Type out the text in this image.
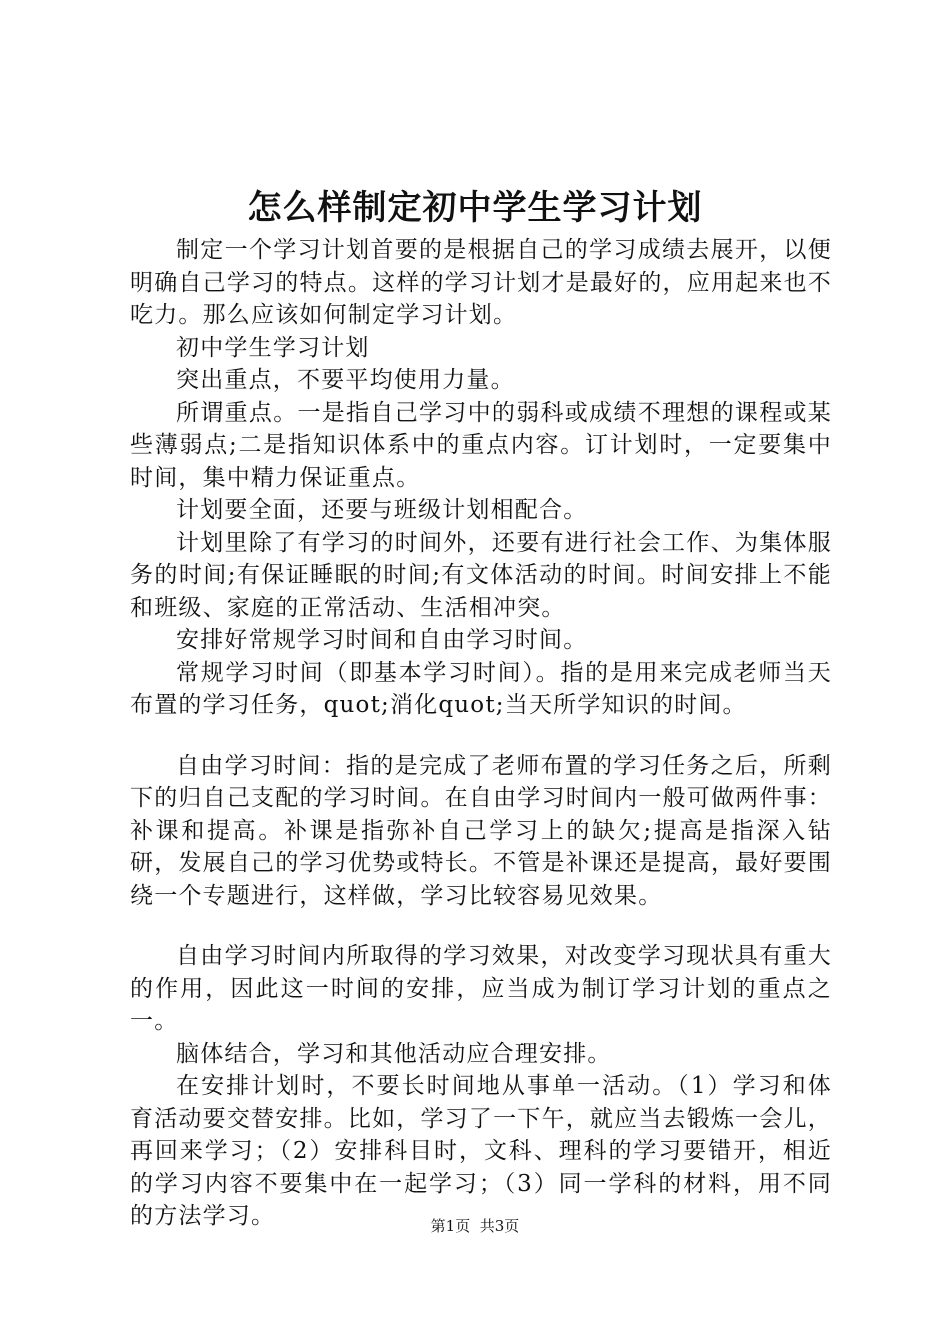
怎么样制定初中学生学习计划

制定一个学习计划首要的是根据自己的学习成绩去展开，以便明确自己学习的特点。这样的学习计划才是最好的，应用起来也不吃力。那么应该如何制定学习计划。

初中学生学习计划

突出重点，不要平均使用力量。

所谓重点。一是指自己学习中的弱科或成绩不理想的课程或某些薄弱点;二是指知识体系中的重点内容。订计划时，一定要集中时间，集中精力保证重点。

计划要全面，还要与班级计划相配合。

计划里除了有学习的时间外，还要有进行社会工作、为集体服务的时间;有保证睡眠的时间;有文体活动的时间。时间安排上不能和班级、家庭的正常活动、生活相冲突。

安排好常规学习时间和自由学习时间。

常规学习时间（即基本学习时间）。指的是用来完成老师当天布置的学习任务，quot;消化quot;当天所学知识的时间。

自由学习时间：指的是完成了老师布置的学习任务之后，所剩下的归自己支配的学习时间。在自由学习时间内一般可做两件事：补课和提高。补课是指弥补自己学习上的缺欠;提高是指深入钻研，发展自己的学习优势或特长。不管是补课还是提高，最好要围绕一个专题进行，这样做，学习比较容易见效果。

自由学习时间内所取得的学习效果，对改变学习现状具有重大的作用，因此这一时间的安排，应当成为制订学习计划的重点之一。

脑体结合，学习和其他活动应合理安排。

在安排计划时，不要长时间地从事单一活动。（1）学习和体育活动要交替安排。比如，学习了一下午，就应当去锻炼一会儿，再回来学习；（2）安排科目时，文科、理科的学习要错开，相近的学习内容不要集中在一起学习；（3）同一学科的材料，用不同的方法学习。	第1页 共3页
